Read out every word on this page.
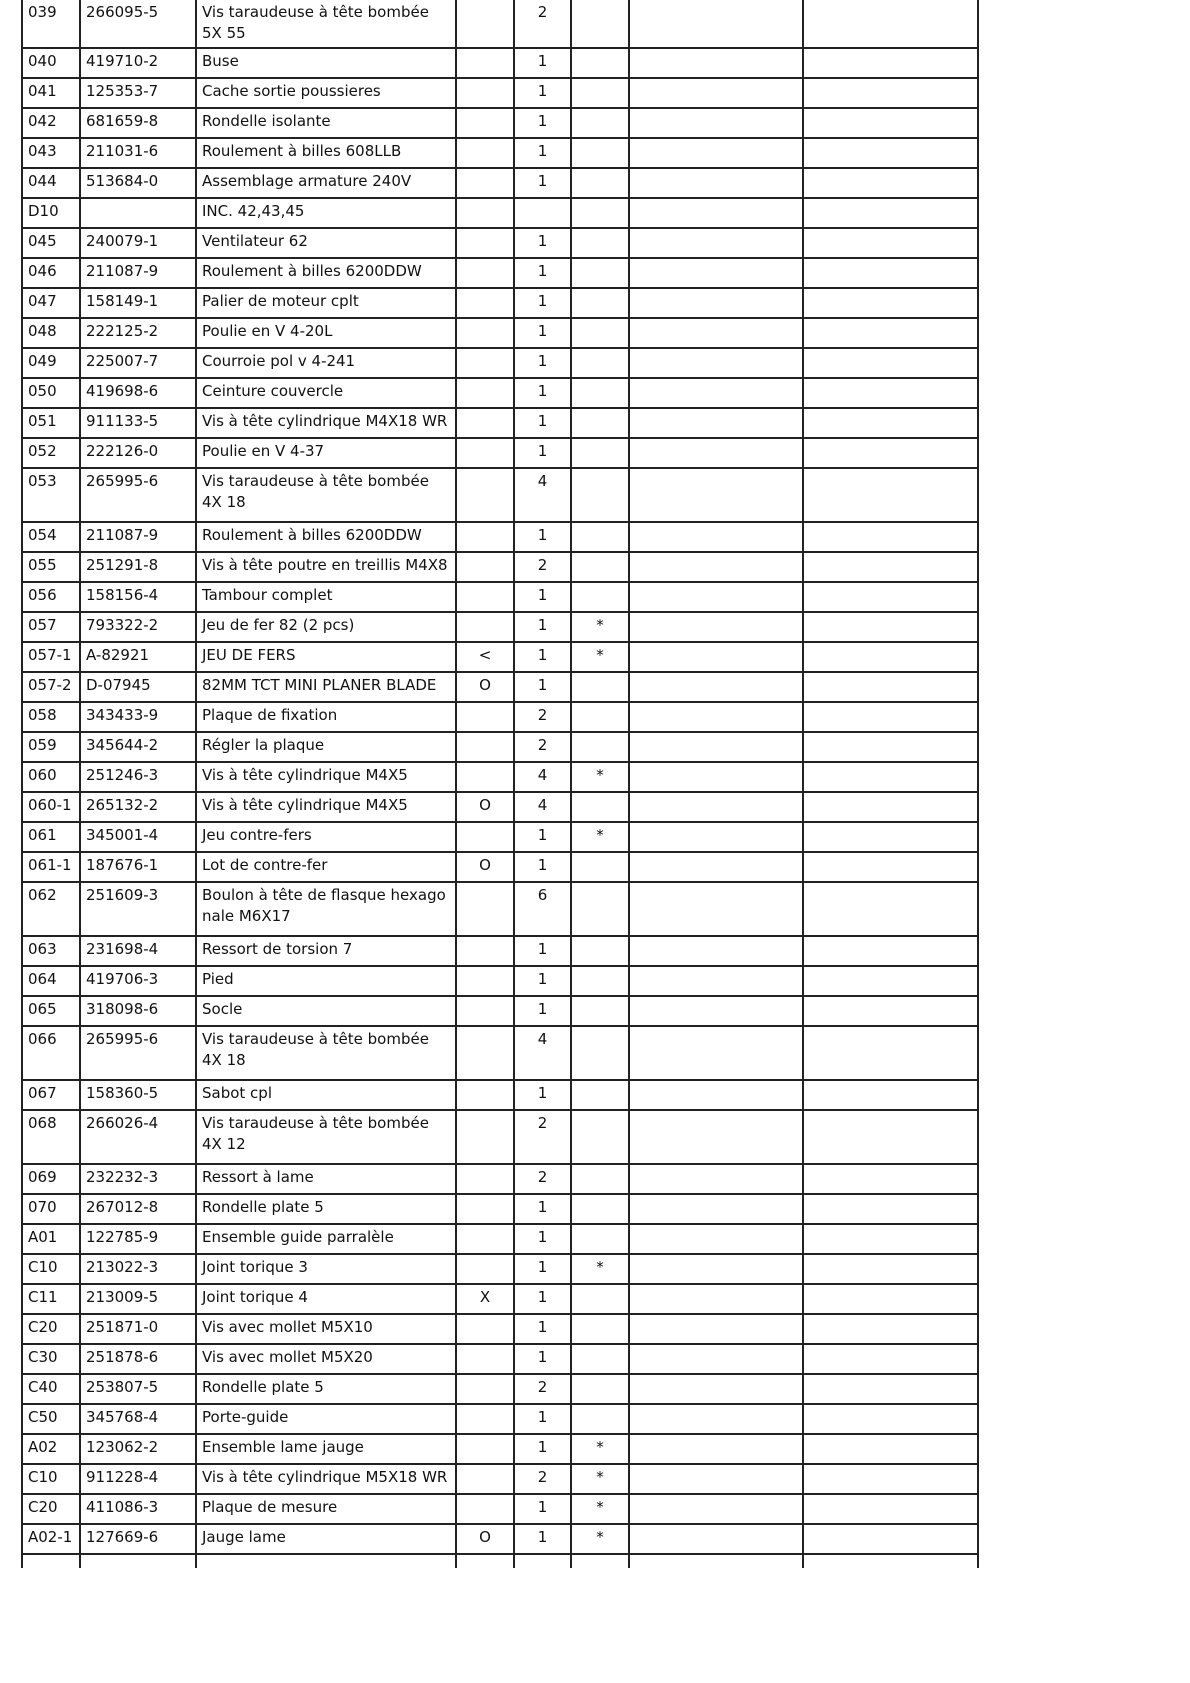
039	266095-5	Vis taraudeuse à tête bombée 5X 55		2			
040	419710-2	Buse		1			
041	125353-7	Cache sortie poussieres		1			
042	681659-8	Rondelle isolante		1			
043	211031-6	Roulement à billes 608LLB		1			
044	513684-0	Assemblage armature 240V		1			
D10		INC. 42,43,45					
045	240079-1	Ventilateur 62		1			
046	211087-9	Roulement à billes 6200DDW		1			
047	158149-1	Palier de moteur cplt		1			
048	222125-2	Poulie en V 4-20L		1			
049	225007-7	Courroie pol v 4-241		1			
050	419698-6	Ceinture couvercle		1			
051	911133-5	Vis à tête cylindrique M4X18 WR		1			
052	222126-0	Poulie en V 4-37		1			
053	265995-6	Vis taraudeuse à tête bombée 4X 18		4			
054	211087-9	Roulement à billes 6200DDW		1			
055	251291-8	Vis à tête poutre en treillis M4X8		2			
056	158156-4	Tambour complet		1			
057	793322-2	Jeu de fer 82 (2 pcs)		1	*		
057-1	A-82921	JEU DE FERS	<	1	*		
057-2	D-07945	82MM TCT MINI PLANER BLADE	O	1			
058	343433-9	Plaque de fixation		2			
059	345644-2	Régler la plaque		2			
060	251246-3	Vis à tête cylindrique M4X5		4	*		
060-1	265132-2	Vis à tête cylindrique M4X5	O	4			
061	345001-4	Jeu contre-fers		1	*		
061-1	187676-1	Lot de contre-fer	O	1			
062	251609-3	Boulon à tête de flasque hexago nale M6X17		6			
063	231698-4	Ressort de torsion 7		1			
064	419706-3	Pied		1			
065	318098-6	Socle		1			
066	265995-6	Vis taraudeuse à tête bombée 4X 18		4			
067	158360-5	Sabot cpl		1			
068	266026-4	Vis taraudeuse à tête bombée 4X 12		2			
069	232232-3	Ressort à lame		2			
070	267012-8	Rondelle plate 5		1			
A01	122785-9	Ensemble guide parralèle		1			
C10	213022-3	Joint torique 3		1	*		
C11	213009-5	Joint torique 4	X	1			
C20	251871-0	Vis avec mollet M5X10		1			
C30	251878-6	Vis avec mollet M5X20		1			
C40	253807-5	Rondelle plate 5		2			
C50	345768-4	Porte-guide		1			
A02	123062-2	Ensemble lame jauge		1	*		
C10	911228-4	Vis à tête cylindrique M5X18 WR		2	*		
C20	411086-3	Plaque de mesure		1	*		
A02-1	127669-6	Jauge lame	O	1	*		
